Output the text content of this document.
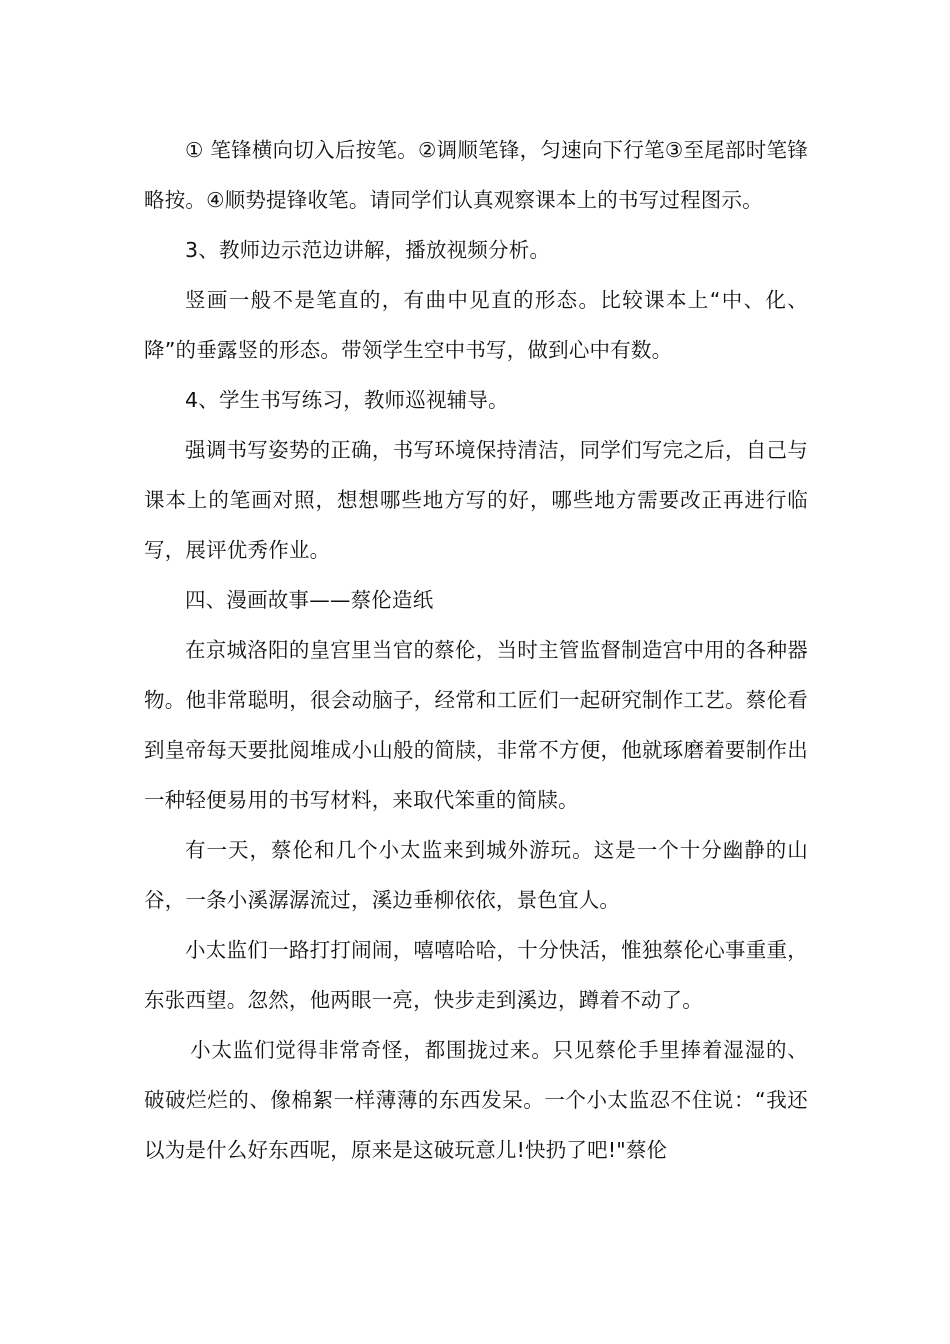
① 笔锋横向切入后按笔。②调顺笔锋，匀速向下行笔③至尾部时笔锋略按。④顺势提锋收笔。请同学们认真观察课本上的书写过程图示。

3、教师边示范边讲解，播放视频分析。

竖画一般不是笔直的，有曲中见直的形态。比较课本上“中、化、降”的垂露竖的形态。带领学生空中书写，做到心中有数。

4、学生书写练习，教师巡视辅导。

强调书写姿势的正确，书写环境保持清洁，同学们写完之后，自己与课本上的笔画对照，想想哪些地方写的好，哪些地方需要改正再进行临写，展评优秀作业。

四、漫画故事——蔡伦造纸

在京城洛阳的皇宫里当官的蔡伦，当时主管监督制造宫中用的各种器物。他非常聪明，很会动脑子，经常和工匠们一起研究制作工艺。蔡伦看到皇帝每天要批阅堆成小山般的简牍，非常不方便，他就琢磨着要制作出一种轻便易用的书写材料，来取代笨重的简牍。

有一天，蔡伦和几个小太监来到城外游玩。这是一个十分幽静的山谷，一条小溪潺潺流过，溪边垂柳依依，景色宜人。

小太监们一路打打闹闹，嘻嘻哈哈，十分快活，惟独蔡伦心事重重，东张西望。忽然，他两眼一亮，快步走到溪边，蹲着不动了。

小太监们觉得非常奇怪，都围拢过来。只见蔡伦手里捧着湿湿的、破破烂烂的、像棉絮一样薄薄的东西发呆。一个小太监忍不住说：“我还以为是什么好东西呢，原来是这破玩意儿!快扔了吧!"蔡伦
